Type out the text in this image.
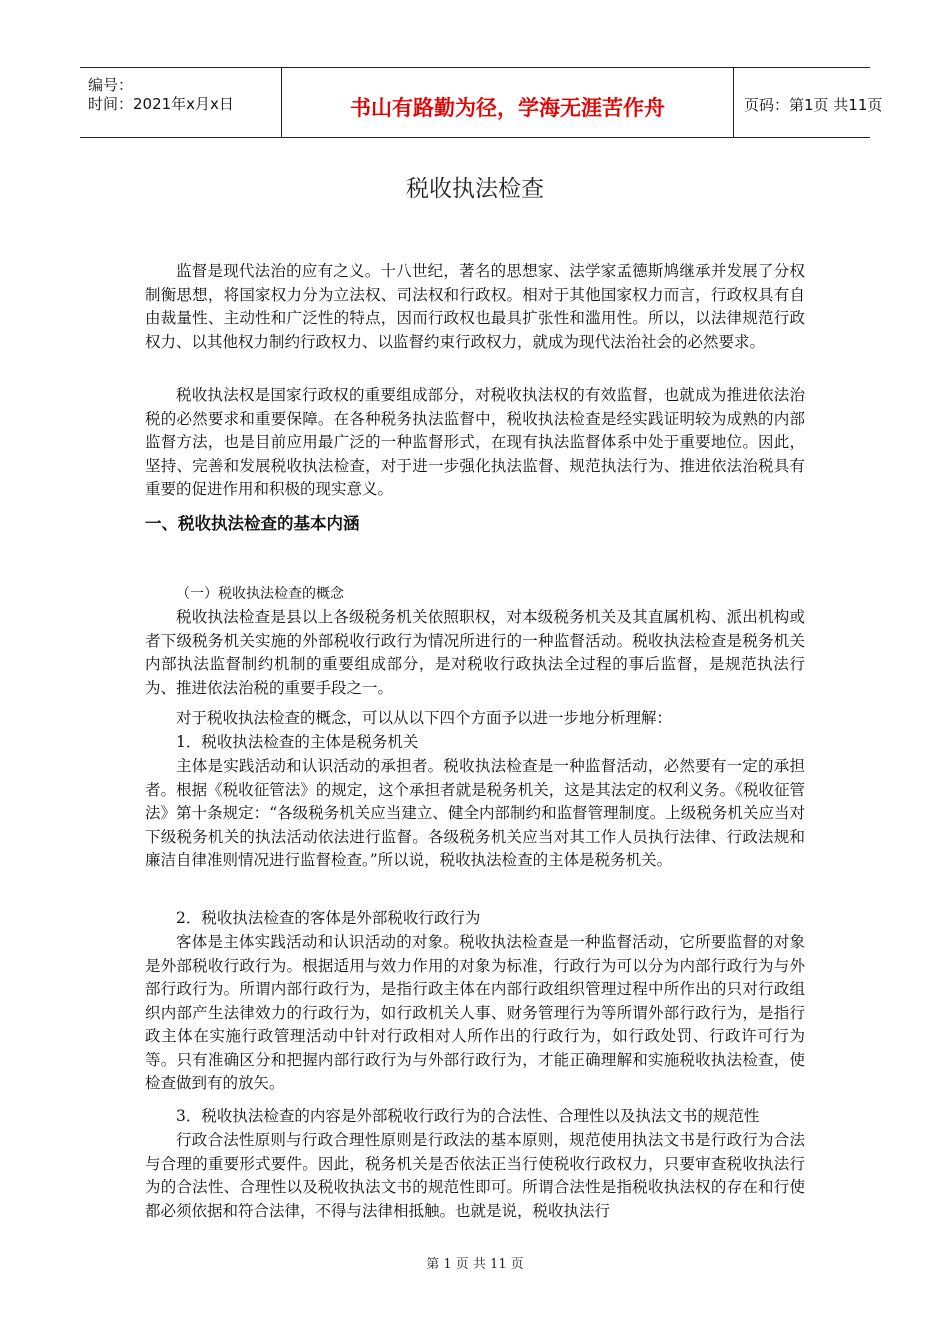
编号：
时间：2021年x月x日	书山有路勤为径，学海无涯苦作舟	页码：第1页 共11页
税收执法检查

监督是现代法治的应有之义。十八世纪，著名的思想家、法学家孟德斯鸠继承并发展了分权制衡思想，将国家权力分为立法权、司法权和行政权。相对于其他国家权力而言，行政权具有自由裁量性、主动性和广泛性的特点，因而行政权也最具扩张性和滥用性。所以，以法律规范行政权力、以其他权力制约行政权力、以监督约束行政权力，就成为现代法治社会的必然要求。

税收执法权是国家行政权的重要组成部分，对税收执法权的有效监督，也就成为推进依法治税的必然要求和重要保障。在各种税务执法监督中，税收执法检查是经实践证明较为成熟的内部监督方法，也是目前应用最广泛的一种监督形式，在现有执法监督体系中处于重要地位。因此，坚持、完善和发展税收执法检查，对于进一步强化执法监督、规范执法行为、推进依法治税具有重要的促进作用和积极的现实意义。

一、税收执法检查的基本内涵
（一）税收执法检查的概念

税收执法检查是县以上各级税务机关依照职权，对本级税务机关及其直属机构、派出机构或者下级税务机关实施的外部税收行政行为情况所进行的一种监督活动。税收执法检查是税务机关内部执法监督制约机制的重要组成部分，是对税收行政执法全过程的事后监督，是规范执法行为、推进依法治税的重要手段之一。

对于税收执法检查的概念，可以从以下四个方面予以进一步地分析理解：
1．税收执法检查的主体是税务机关

主体是实践活动和认识活动的承担者。税收执法检查是一种监督活动，必然要有一定的承担者。根据《税收征管法》的规定，这个承担者就是税务机关，这是其法定的权利义务。《税收征管法》第十条规定：“各级税务机关应当建立、健全内部制约和监督管理制度。上级税务机关应当对下级税务机关的执法活动依法进行监督。各级税务机关应当对其工作人员执行法律、行政法规和廉洁自律准则情况进行监督检查。”所以说，税收执法检查的主体是税务机关。

2．税收执法检查的客体是外部税收行政行为

客体是主体实践活动和认识活动的对象。税收执法检查是一种监督活动，它所要监督的对象是外部税收行政行为。根据适用与效力作用的对象为标准，行政行为可以分为内部行政行为与外部行政行为。所谓内部行政行为，是指行政主体在内部行政组织管理过程中所作出的只对行政组织内部产生法律效力的行政行为，如行政机关人事、财务管理行为等所谓外部行政行为，是指行政主体在实施行政管理活动中针对行政相对人所作出的行政行为，如行政处罚、行政许可行为等。只有准确区分和把握内部行政行为与外部行政行为，才能正确理解和实施税收执法检查，使检查做到有的放矢。

3．税收执法检查的内容是外部税收行政行为的合法性、合理性以及执法文书的规范性

行政合法性原则与行政合理性原则是行政法的基本原则，规范使用执法文书是行政行为合法与合理的重要形式要件。因此，税务机关是否依法正当行使税收行政权力，只要审查税收执法行为的合法性、合理性以及税收执法文书的规范性即可。所谓合法性是指税收执法权的存在和行使都必须依据和符合法律，不得与法律相抵触。也就是说，税收执法行

第 1 页 共 11 页
